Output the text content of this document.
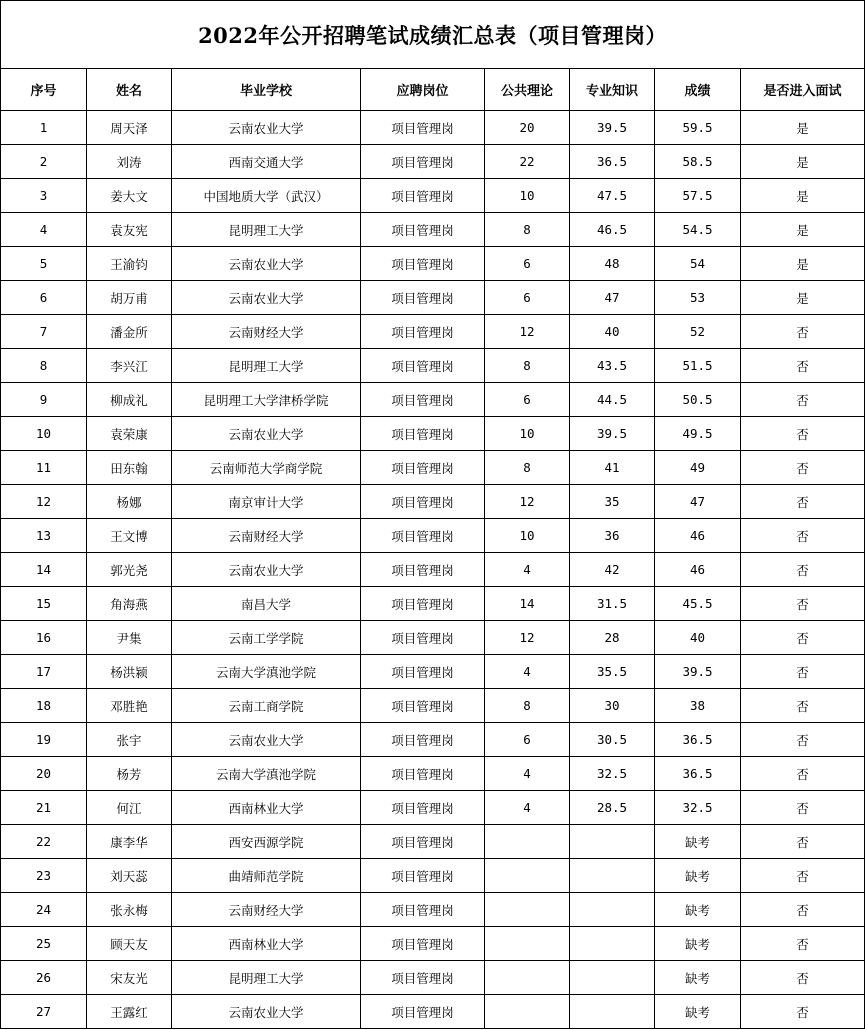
2022年公开招聘笔试成绩汇总表（项目管理岗）							
序号	姓名	毕业学校	应聘岗位	公共理论	专业知识	成绩	是否进入面试
1	周天泽	云南农业大学	项目管理岗	20	39.5	59.5	是
2	刘涛	西南交通大学	项目管理岗	22	36.5	58.5	是
3	姜大文	中国地质大学（武汉）	项目管理岗	10	47.5	57.5	是
4	袁友宪	昆明理工大学	项目管理岗	8	46.5	54.5	是
5	王渝钧	云南农业大学	项目管理岗	6	48	54	是
6	胡万甫	云南农业大学	项目管理岗	6	47	53	是
7	潘金所	云南财经大学	项目管理岗	12	40	52	否
8	李兴江	昆明理工大学	项目管理岗	8	43.5	51.5	否
9	柳成礼	昆明理工大学津桥学院	项目管理岗	6	44.5	50.5	否
10	袁荣康	云南农业大学	项目管理岗	10	39.5	49.5	否
11	田东翰	云南师范大学商学院	项目管理岗	8	41	49	否
12	杨娜	南京审计大学	项目管理岗	12	35	47	否
13	王文博	云南财经大学	项目管理岗	10	36	46	否
14	郭光尧	云南农业大学	项目管理岗	4	42	46	否
15	角海燕	南昌大学	项目管理岗	14	31.5	45.5	否
16	尹集	云南工学学院	项目管理岗	12	28	40	否
17	杨洪颍	云南大学滇池学院	项目管理岗	4	35.5	39.5	否
18	邓胜艳	云南工商学院	项目管理岗	8	30	38	否
19	张宇	云南农业大学	项目管理岗	6	30.5	36.5	否
20	杨芳	云南大学滇池学院	项目管理岗	4	32.5	36.5	否
21	何江	西南林业大学	项目管理岗	4	28.5	32.5	否
22	康李华	西安西源学院	项目管理岗			缺考	否
23	刘天蕊	曲靖师范学院	项目管理岗			缺考	否
24	张永梅	云南财经大学	项目管理岗			缺考	否
25	顾天友	西南林业大学	项目管理岗			缺考	否
26	宋友光	昆明理工大学	项目管理岗			缺考	否
27	王露红	云南农业大学	项目管理岗			缺考	否
